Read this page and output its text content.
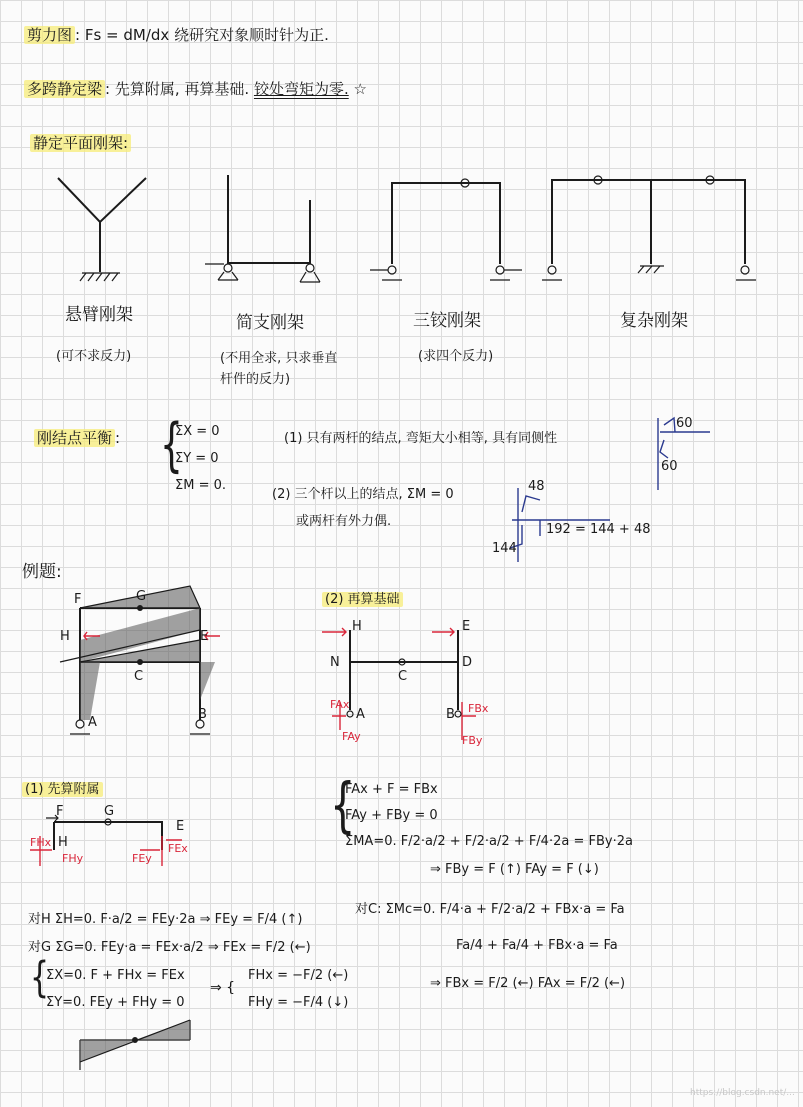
剪力图 : Fs = dM/dx 绕研究对象顺时针为正.
多跨静定梁 : 先算附属, 再算基础. 铰处弯矩为零. ☆
静定平面刚架:
悬臂刚架	简支刚架	三铰刚架	复杂刚架
(可不求反力)	(不用全求, 只求垂直杆件的反力)
(求四个反力)
刚结点平衡 : {
ΣX = 0
ΣY = 0
ΣM = 0.
(1) 只有两杆的结点, 弯矩大小相等, 具有同侧性
(2) 三个杆以上的结点, ΣM = 0
或两杆有外力偶.
60
60
48
144
192 = 144 + 48
例题:
F	G
H	E
C
A
B
(2) 再算基础
H	E
N
C
D
A	B
FAx
FAy
FBx
FBy
(1) 先算附属
F	G
H
E
FHx
FHy	FEy
FEx
对H ΣH=0. F·a/2 = FEy·2a ⇒ FEy = F/4 (↑)
对G ΣG=0. FEy·a = FEx·a/2 ⇒ FEx = F/2 (←)
{
ΣX=0. F + FHx = FEx
ΣY=0. FEy + FHy = 0
⇒ {
FHx = −F/2 (←)
FHy = −F/4 (↓)
{
FAx + F = FBx
FAy + FBy = 0
ΣMA=0. F/2·a/2 + F/2·a/2 + F/4·2a = FBy·2a
⇒ FBy = F (↑) FAy = F (↓)
对C: ΣMc=0. F/4·a + F/2·a/2 + FBx·a = Fa
Fa/4 + Fa/4 + FBx·a = Fa
⇒ FBx = F/2 (←) FAx = F/2 (←)
https://blog.csdn.net/...
